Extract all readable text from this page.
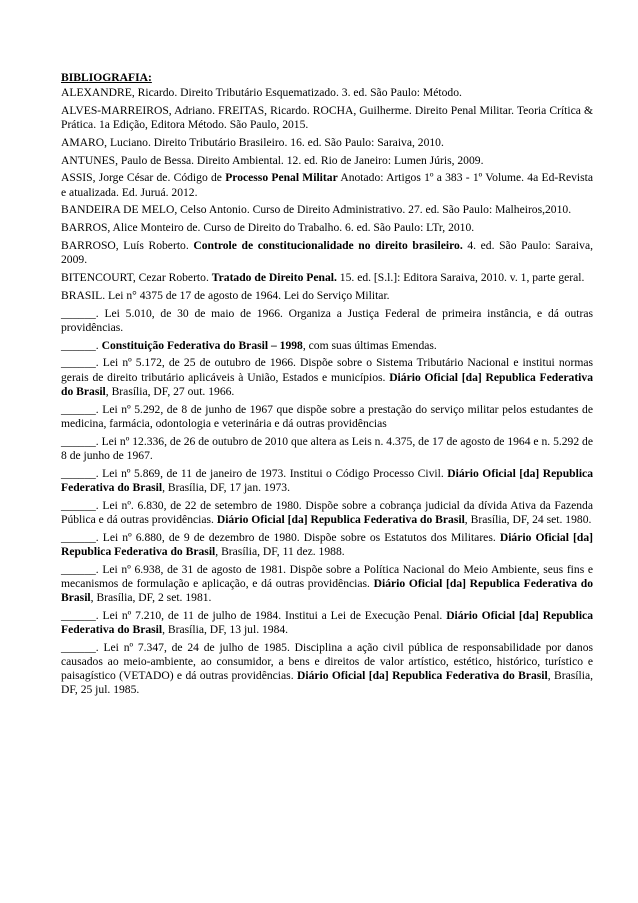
BIBLIOGRAFIA:

ALEXANDRE, Ricardo. Direito Tributário Esquematizado. 3. ed. São Paulo: Método.

ALVES-MARREIROS, Adriano. FREITAS, Ricardo. ROCHA, Guilherme. Direito Penal Militar. Teoria Crítica & Prática. 1a Edição, Editora Método. São Paulo, 2015.

AMARO, Luciano. Direito Tributário Brasileiro. 16. ed. São Paulo: Saraiva, 2010.

ANTUNES, Paulo de Bessa. Direito Ambiental. 12. ed. Rio de Janeiro: Lumen Júris, 2009.

ASSIS, Jorge César de. Código de Processo Penal Militar Anotado: Artigos 1º a 383 - 1º Volume. 4a Ed-Revista e atualizada. Ed. Juruá. 2012.

BANDEIRA DE MELO, Celso Antonio. Curso de Direito Administrativo. 27. ed. São Paulo: Malheiros,2010.

BARROS, Alice Monteiro de. Curso de Direito do Trabalho. 6. ed. São Paulo: LTr, 2010.

BARROSO, Luís Roberto. Controle de constitucionalidade no direito brasileiro. 4. ed. São Paulo: Saraiva, 2009.

BITENCOURT, Cezar Roberto. Tratado de Direito Penal. 15. ed. [S.l.]: Editora Saraiva, 2010. v. 1, parte geral.

BRASIL. Lei n° 4375 de 17 de agosto de 1964. Lei do Serviço Militar.

______. Lei 5.010, de 30 de maio de 1966. Organiza a Justiça Federal de primeira instância, e dá outras providências.

______. Constituição Federativa do Brasil – 1998, com suas últimas Emendas.

______. Lei nº 5.172, de 25 de outubro de 1966. Dispõe sobre o Sistema Tributário Nacional e institui normas gerais de direito tributário aplicáveis à União, Estados e municípios. Diário Oficial [da] Republica Federativa do Brasil, Brasília, DF, 27 out. 1966.

______. Lei nº 5.292, de 8 de junho de 1967 que dispõe sobre a prestação do serviço militar pelos estudantes de medicina, farmácia, odontologia e veterinária e dá outras providências

______. Lei nº 12.336, de 26 de outubro de 2010 que altera as Leis n. 4.375, de 17 de agosto de 1964 e n. 5.292 de 8 de junho de 1967.

______. Lei nº 5.869, de 11 de janeiro de 1973. Institui o Código Processo Civil. Diário Oficial [da] Republica Federativa do Brasil, Brasília, DF, 17 jan. 1973.

______. Lei nº. 6.830, de 22 de setembro de 1980. Dispõe sobre a cobrança judicial da dívida Ativa da Fazenda Pública e dá outras providências. Diário Oficial [da] Republica Federativa do Brasil, Brasília, DF, 24 set. 1980.

______. Lei nº 6.880, de 9 de dezembro de 1980. Dispõe sobre os Estatutos dos Militares. Diário Oficial [da] Republica Federativa do Brasil, Brasília, DF, 11 dez. 1988.

______. Lei nº 6.938, de 31 de agosto de 1981. Dispõe sobre a Política Nacional do Meio Ambiente, seus fins e mecanismos de formulação e aplicação, e dá outras providências. Diário Oficial [da] Republica Federativa do Brasil, Brasília, DF, 2 set. 1981.

______. Lei nº 7.210, de 11 de julho de 1984. Institui a Lei de Execução Penal. Diário Oficial [da] Republica Federativa do Brasil, Brasília, DF, 13 jul. 1984.

______. Lei nº 7.347, de 24 de julho de 1985. Disciplina a ação civil pública de responsabilidade por danos causados ao meio-ambiente, ao consumidor, a bens e direitos de valor artístico, estético, histórico, turístico e paisagístico (VETADO) e dá outras providências. Diário Oficial [da] Republica Federativa do Brasil, Brasília, DF, 25 jul. 1985.
